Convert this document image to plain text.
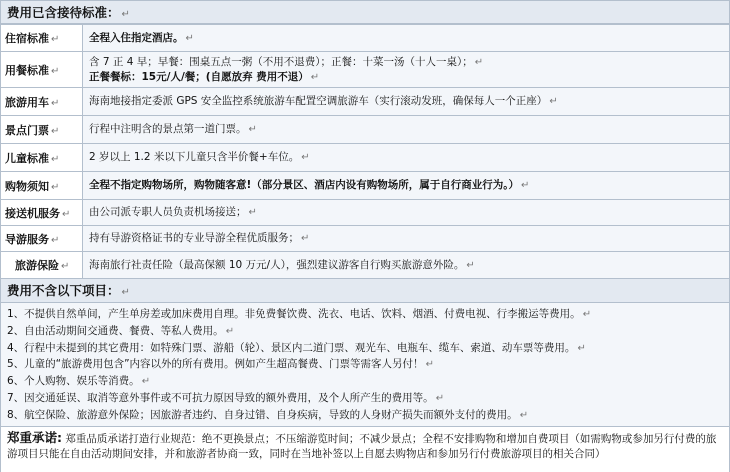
费用已含接待标准： ↵
住宿标准 ↵	全程入住指定酒店。 ↵
用餐标准 ↵	含 7 正 4 早；早餐：围桌五点一粥（不用不退费）；正餐：十菜一汤（十人一桌）； ↵
正餐餐标：15元/人/餐；(自愿放弃 费用不退） ↵

旅游用车 ↵	海南地接指定委派 GPS 安全监控系统旅游车配置空调旅游车（实行滚动发班，确保每人一个正座） ↵
景点门票 ↵	行程中注明含的景点第一道门票。 ↵
儿童标准 ↵	2 岁以上 1.2 米以下儿童只含半价餐+车位。 ↵
购物须知 ↵	全程不指定购物场所，购物随客意!（部分景区、酒店内设有购物场所，属于自行商业行为。） ↵
接送机服务 ↵	由公司派专职人员负责机场接送； ↵
导游服务 ↵	持有导游资格证书的专业导游全程优质服务； ↵
旅游保险 ↵	海南旅行社责任险（最高保额 10 万元/人），强烈建议游客自行购买旅游意外险。 ↵
费用不含以下项目： ↵
1、不提供自然单间，产生单房差或加床费用自理。非免费餐饮费、洗衣、电话、饮料、烟酒、付费电视、行李搬运等费用。 ↵
2、自由活动期间交通费、餐费、等私人费用。 ↵
4、行程中未提到的其它费用：如特殊门票、游船（轮）、景区内二道门票、观光车、电瓶车、缆车、索道、动车票等费用。 ↵
5、儿童的“旅游费用包含”内容以外的所有费用。例如产生超高餐费、门票等需客人另付！ ↵
6、个人购物、娱乐等消费。 ↵
7、因交通延误、取消等意外事件或不可抗力原因导致的额外费用，及个人所产生的费用等。 ↵
8、航空保险、旅游意外保险；因旅游者违约、自身过错、自身疾病，导致的人身财产损失而额外支付的费用。 ↵
郑重承诺: 郑重品质承诺打造行业规范：绝不更换景点；不压缩游览时间；不减少景点；全程不安排购物和增加自费项目（如需购物或参加另行付费的旅游项目只能在自由活动期间安排，并和旅游者协商一致，同时在当地补签以上自愿去购物店和参加另行付费旅游项目的相关合同）
